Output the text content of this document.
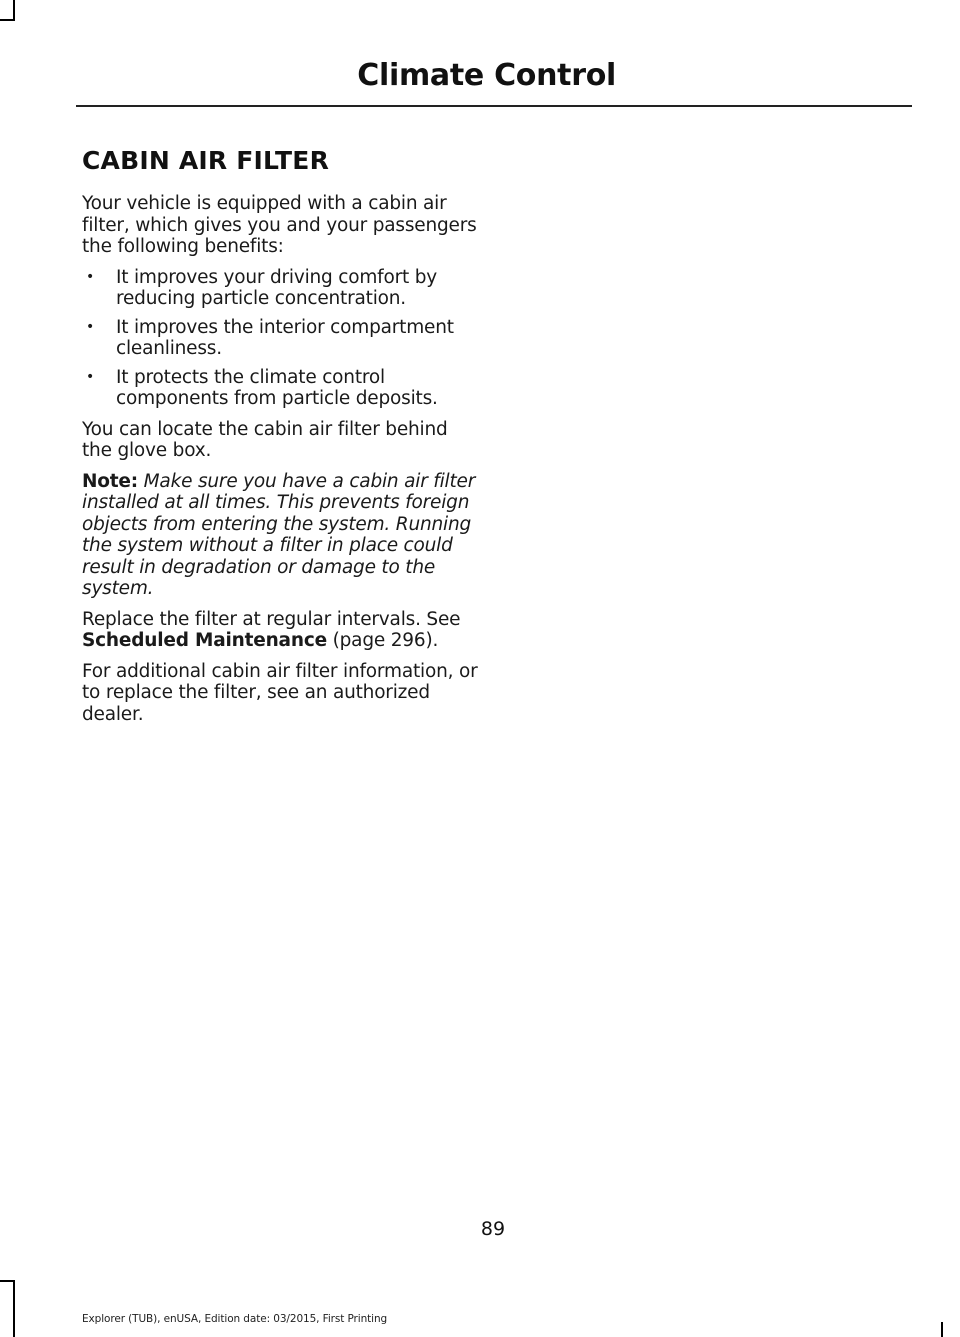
Climate Control
CABIN AIR FILTER

Your vehicle is equipped with a cabin air filter, which gives you and your passengers the following benefits:

• It improves your driving comfort by reducing particle concentration.
• It improves the interior compartment cleanliness.
• It protects the climate control components from particle deposits.

You can locate the cabin air filter behind the glove box.

Note: Make sure you have a cabin air filter installed at all times. This prevents foreign objects from entering the system. Running the system without a filter in place could result in degradation or damage to the system.

Replace the filter at regular intervals. See Scheduled Maintenance (page 296).

For additional cabin air filter information, or to replace the filter, see an authorized dealer.

89
Explorer (TUB), enUSA, Edition date: 03/2015, First Printing
